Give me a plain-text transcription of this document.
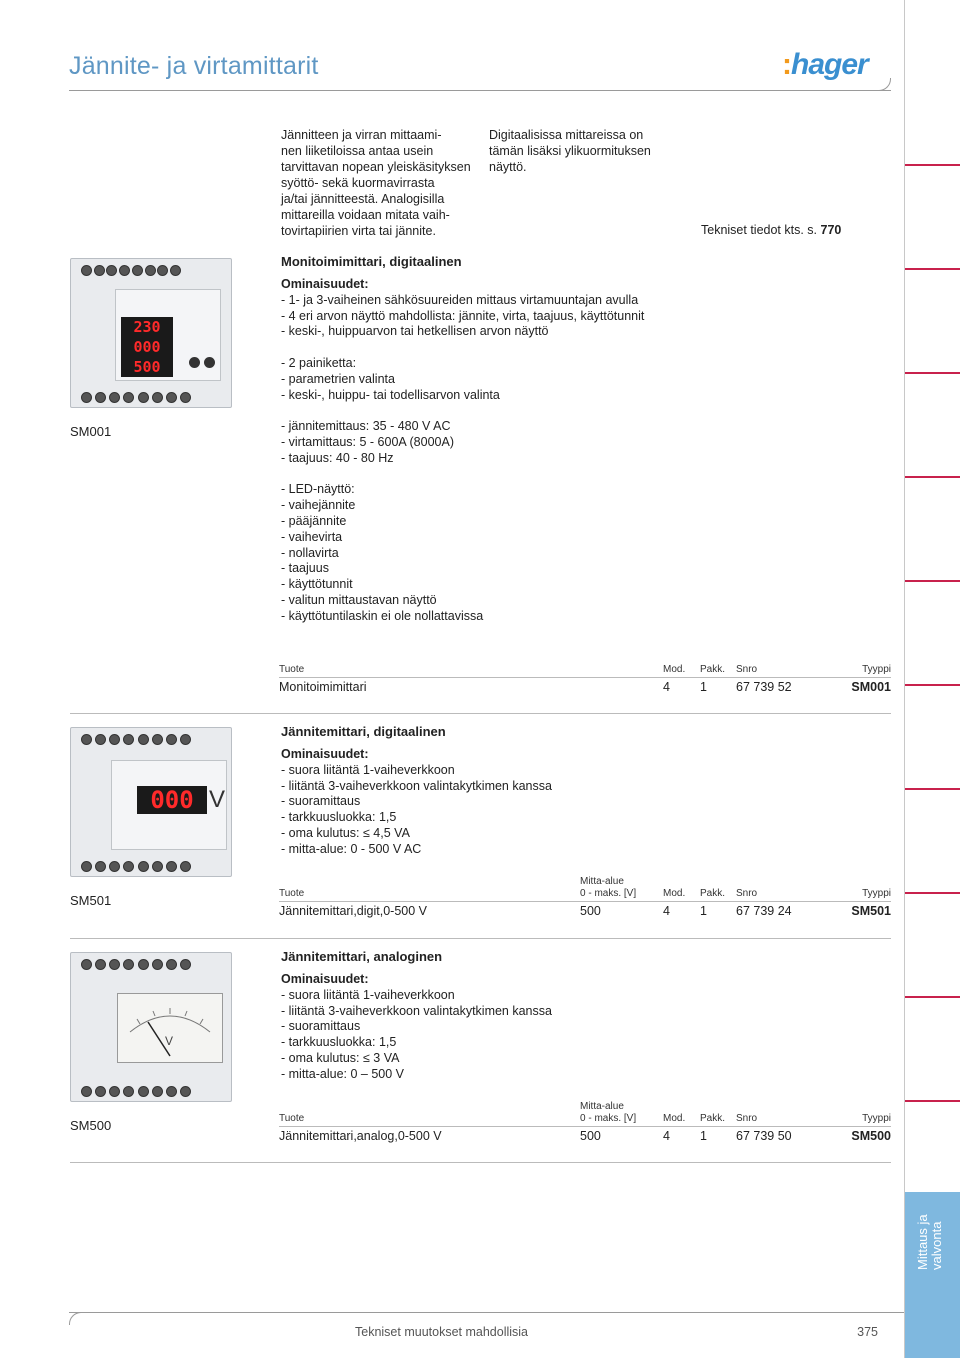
Jännite- ja virtamittarit	:hager
Jännitteen ja virran mittaami-
nen liiketiloissa antaa usein
tarvittavan nopean yleiskäsityksen
syöttö- sekä kuormavirrasta
ja/tai jännitteestä. Analogisilla
mittareilla voidaan mitata vaih-
tovirtapiirien virta tai jännite.
Digitaalisissa mittareissa on
tämän lisäksi ylikuormituksen
näyttö.
Tekniset tiedot kts. s. 770
230
000
500
Monitoimimittari, digitaalinen
Ominaisuudet:
- 1- ja 3-vaiheinen sähkösuureiden mittaus virtamuuntajan avulla
- 4 eri arvon näyttö mahdollista: jännite, virta, taajuus, käyttötunnit
- keski-, huippuarvon tai hetkellisen arvon näyttö
- 2 painiketta:
- parametrien valinta
- keski-, huippu- tai todellisarvon valinta
- jännitemittaus: 35 - 480 V AC
- virtamittaus: 5 - 600A (8000A)
- taajuus: 40 - 80 Hz
- LED-näyttö:
- vaihejännite
- pääjännite
- vaihevirta
- nollavirta
- taajuus
- käyttötunnit
- valitun mittaustavan näyttö
- käyttötuntilaskin ei ole nollattavissa
SM001
Tuote	Mod. Pakk. Snro	Tyyppi
Monitoimimittari	4 1 67 739 52	SM001
000 V
Jännitemittari, digitaalinen
Ominaisuudet:
- suora liitäntä 1-vaiheverkkoon
- liitäntä 3-vaiheverkkoon valintakytkimen kanssa
- suoramittaus
- tarkkuusluokka: 1,5
- oma kulutus: ≤ 4,5 VA
- mitta-alue: 0 - 500 V AC
SM501	Tuote
Mitta-alue
0 - maks. [V]	Mod. Pakk. Snro	Tyyppi
Jännitemittari,digit,0-500 V	500	4 1 67 739 24	SM501
V
Jännitemittari, analoginen
Ominaisuudet:
- suora liitäntä 1-vaiheverkkoon
- liitäntä 3-vaiheverkkoon valintakytkimen kanssa
- suoramittaus
- tarkkuusluokka: 1,5
- oma kulutus: ≤ 3 VA
- mitta-alue: 0 – 500 V
SM500	Tuote
Mitta-alue
0 - maks. [V]	Mod. Pakk. Snro	Tyyppi
Jännitemittari,analog,0-500 V	500	4 1 67 739 50	SM500
Mittaus ja valvonta
Tekniset muutokset mahdollisia	375
